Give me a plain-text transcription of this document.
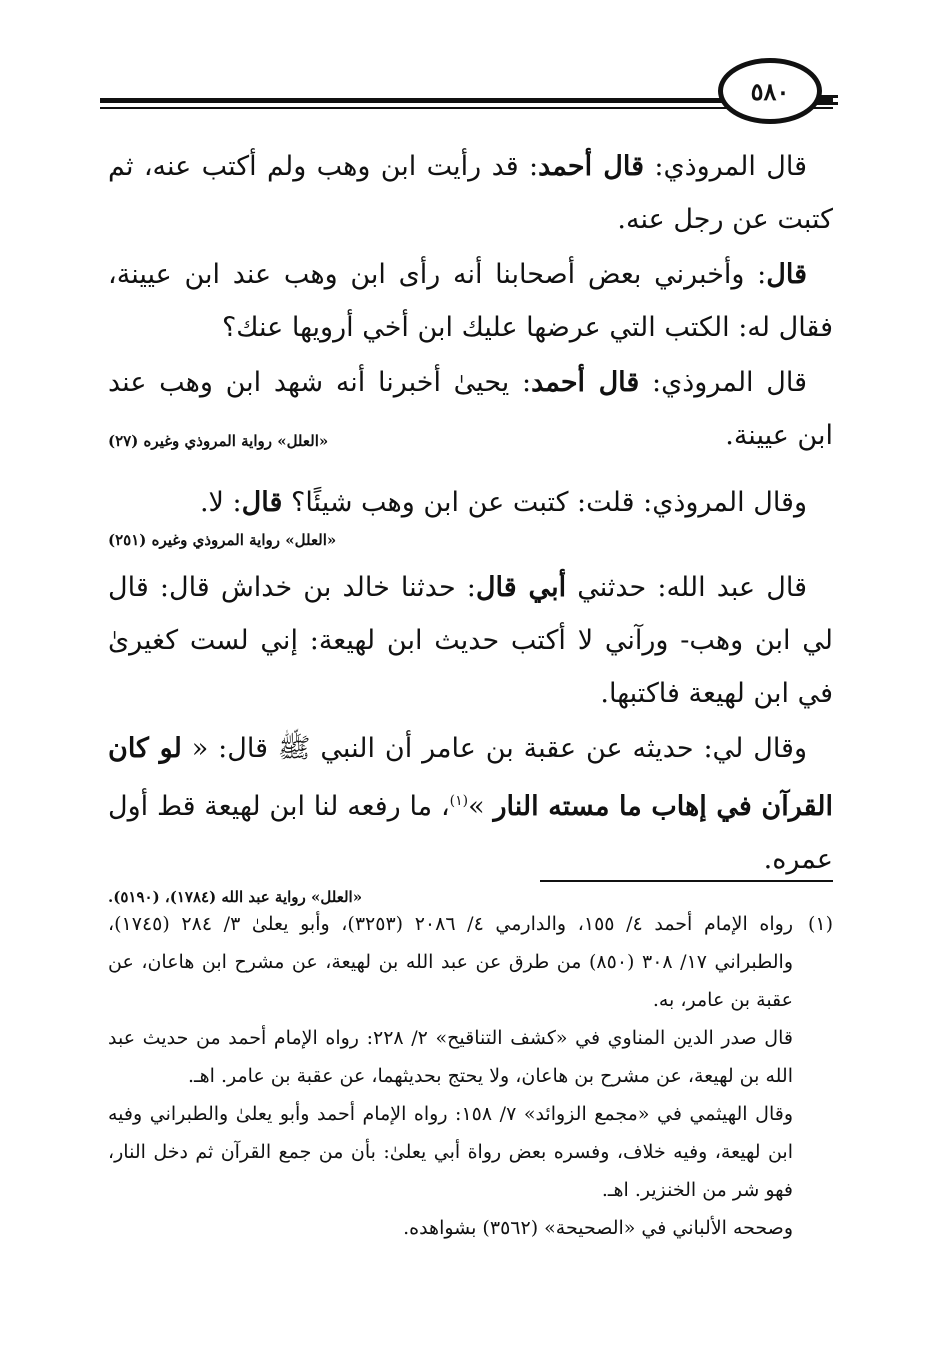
٥٨٠

قال المروذي: قال أحمد: قد رأيت ابن وهب ولم أكتب عنه، ثم كتبت عن رجل عنه.

قال: وأخبرني بعض أصحابنا أنه رأى ابن وهب عند ابن عيينة، فقال له: الكتب التي عرضها عليك ابن أخي أرويها عنك؟

قال المروذي: قال أحمد: يحيىٰ أخبرنا أنه شهد ابن وهب عند ابن عيينة.

«العلل» رواية المروذي وغيره (٢٧)

وقال المروذي: قلت: كتبت عن ابن وهب شيئًا؟ قال: لا.

«العلل» رواية المروذي وغيره (٢٥١)

قال عبد الله: حدثني أبي قال: حدثنا خالد بن خداش قال: قال لي ابن وهب- ورآني لا أكتب حديث ابن لهيعة: إني لست كغيرىٰ في ابن لهيعة فاكتبها.

وقال لي: حديثه عن عقبة بن عامر أن النبي ﷺ قال: « لو كان القرآن في إهاب ما مسته النار »$^{(١)}$، ما رفعه لنا ابن لهيعة قط أول عمره.

«العلل» رواية عبد الله (١٧٨٤)، (٥١٩٠).
(١)

رواه الإمام أحمد ٤/ ١٥٥، والدارمي ٤/ ٢٠٨٦ (٣٢٥٣)، وأبو يعلىٰ ٣/ ٢٨٤ (١٧٤٥)، والطبراني ١٧/ ٣٠٨ (٨٥٠) من طرق عن عبد الله بن لهيعة، عن مشرح ابن هاعان، عن عقبة بن عامر، به.

قال صدر الدين المناوي في «كشف التناقيح» ٢/ ٢٢٨: رواه الإمام أحمد من حديث عبد الله بن لهيعة، عن مشرح بن هاعان، ولا يحتج بحديثهما، عن عقبة بن عامر. اهـ.

وقال الهيثمي في «مجمع الزوائد» ٧/ ١٥٨: رواه الإمام أحمد وأبو يعلىٰ والطبراني وفيه ابن لهيعة، وفيه خلاف، وفسره بعض رواة أبي يعلىٰ: بأن من جمع القرآن ثم دخل النار، فهو شر من الخنزير. اهـ.

وصححه الألباني في «الصحيحة» (٣٥٦٢) بشواهده.
